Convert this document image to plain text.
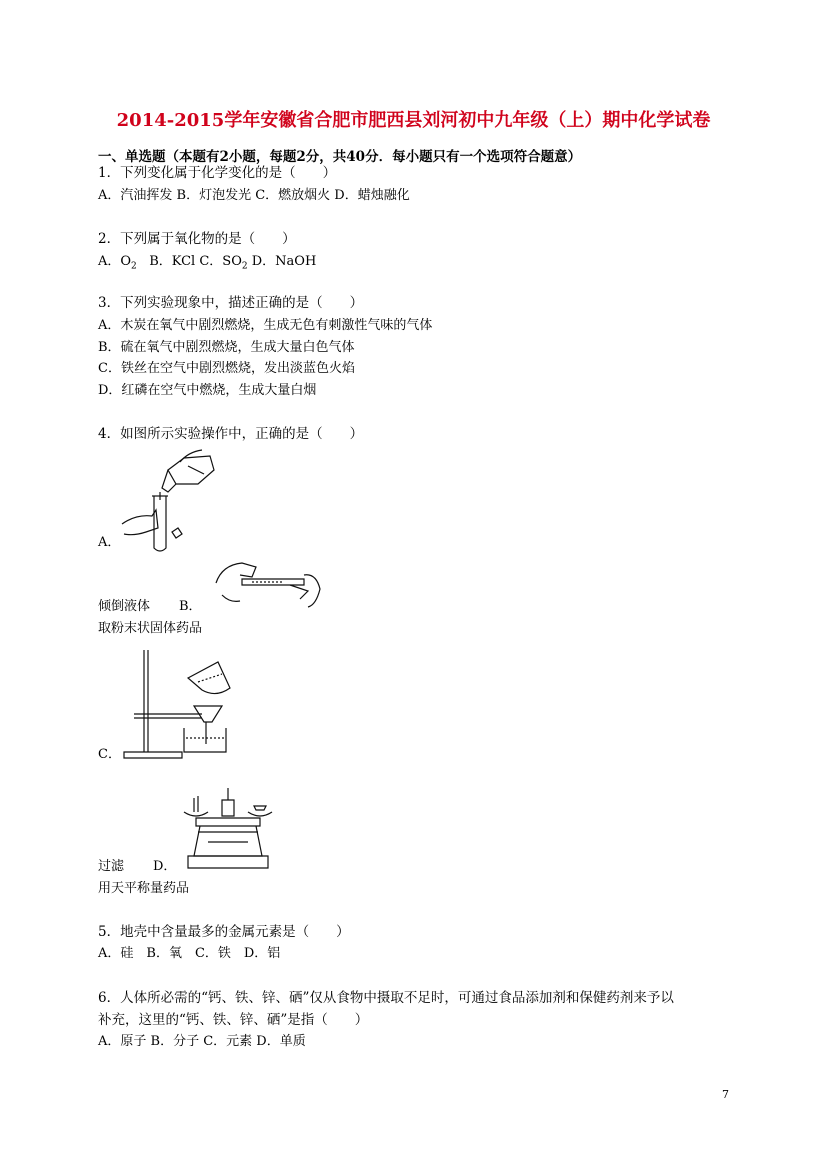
2014-2015学年安徽省合肥市肥西县刘河初中九年级（上）期中化学试卷
一、单选题（本题有2小题，每题2分，共40分．每小题只有一个选项符合题意）
1．下列变化属于化学变化的是（　　）
A．汽油挥发 B．灯泡发光 C．燃放烟火 D．蜡烛融化
2．下列属于氧化物的是（　　）
A．$O_2$ B．KCl C．$SO_2$ D．NaOH
3．下列实验现象中，描述正确的是（　　）
A．木炭在氧气中剧烈燃烧，生成无色有刺激性气味的气体
B．硫在氧气中剧烈燃烧，生成大量白色气体
C．铁丝在空气中剧烈燃烧，发出淡蓝色火焰
D．红磷在空气中燃烧，生成大量白烟
4．如图所示实验操作中，正确的是（　　）
A．
倾倒液体 B．
取粉末状固体药品
C．
过滤 D．
用天平称量药品
5．地壳中含量最多的金属元素是（　　）
A．硅　B．氧　C．铁　D．铝
6．人体所必需的“钙、铁、锌、硒”仅从食物中摄取不足时，可通过食品添加剂和保健药剂来予以
补充，这里的“钙、铁、锌、硒”是指（　　）
A．原子 B．分子 C．元素 D．单质
7
